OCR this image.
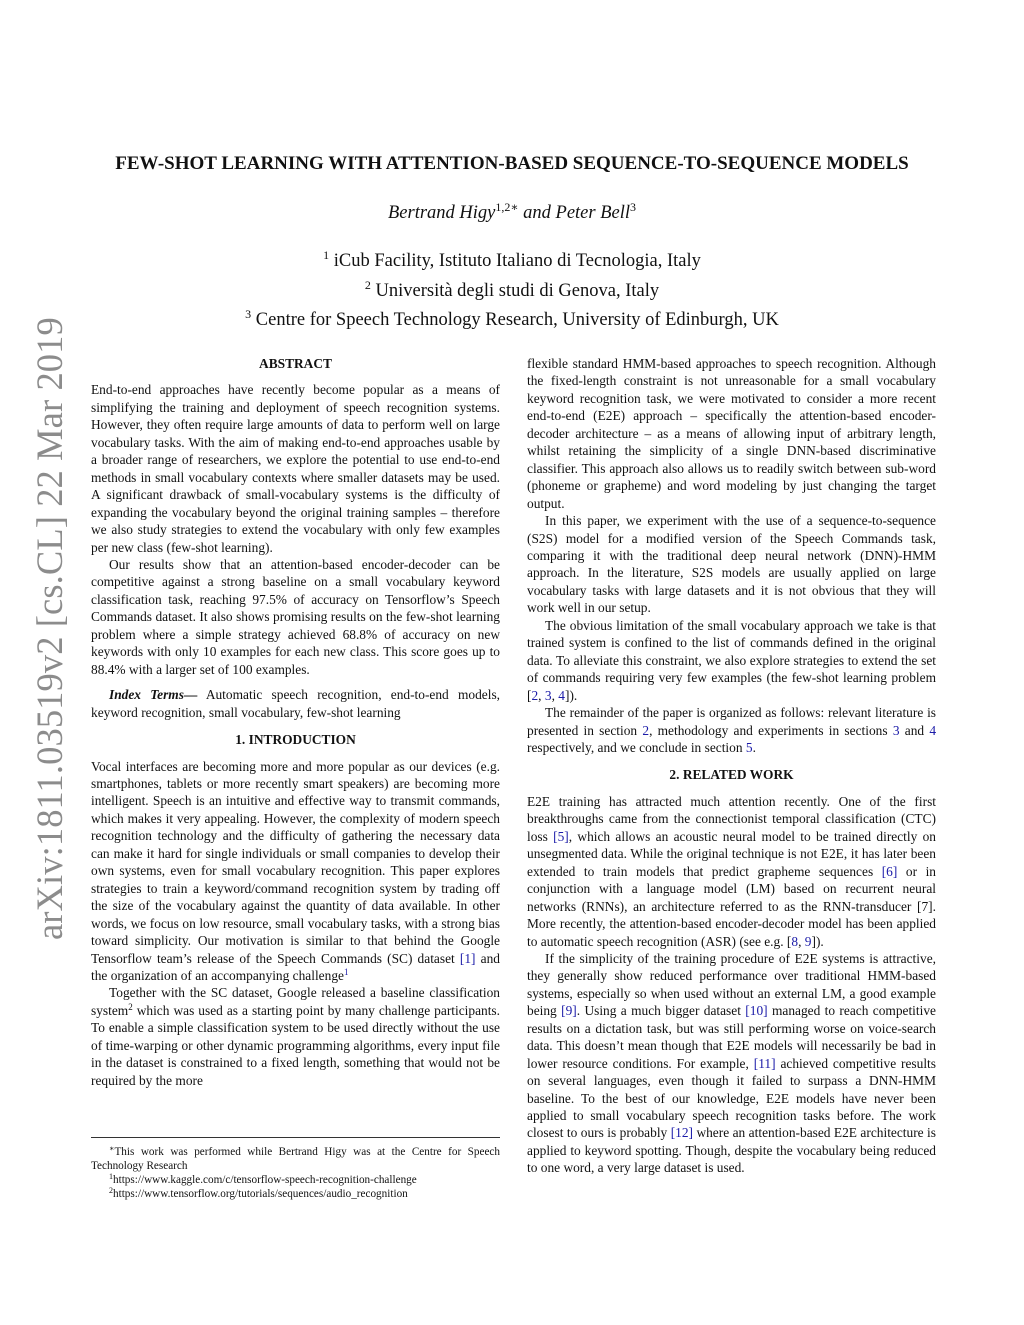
arXiv:1811.03519v2 [cs.CL] 22 Mar 2019
FEW-SHOT LEARNING WITH ATTENTION-BASED SEQUENCE-TO-SEQUENCE MODELS
Bertrand Higy$^{1,2∗}$ and Peter Bell$^3$
$^1$ iCub Facility, Istituto Italiano di Tecnologia, Italy
$^2$ Università degli studi di Genova, Italy
$^3$ Centre for Speech Technology Research, University of Edinburgh, UK
ABSTRACT

End-to-end approaches have recently become popular as a means of simplifying the training and deployment of speech recognition systems. However, they often require large amounts of data to perform well on large vocabulary tasks. With the aim of making end-to-end approaches usable by a broader range of researchers, we explore the potential to use end-to-end methods in small vocabulary contexts where smaller datasets may be used. A significant drawback of small-vocabulary systems is the difficulty of expanding the vocabulary beyond the original training samples – therefore we also study strategies to extend the vocabulary with only few examples per new class (few-shot learning).

Our results show that an attention-based encoder-decoder can be competitive against a strong baseline on a small vocabulary keyword classification task, reaching 97.5% of accuracy on Tensorflow’s Speech Commands dataset. It also shows promising results on the few-shot learning problem where a simple strategy achieved 68.8% of accuracy on new keywords with only 10 examples for each new class. This score goes up to 88.4% with a larger set of 100 examples.

Index Terms— Automatic speech recognition, end-to-end models, keyword recognition, small vocabulary, few-shot learning

1. INTRODUCTION

Vocal interfaces are becoming more and more popular as our devices (e.g. smartphones, tablets or more recently smart speakers) are becoming more intelligent. Speech is an intuitive and effective way to transmit commands, which makes it very appealing. However, the complexity of modern speech recognition technology and the difficulty of gathering the necessary data can make it hard for single individuals or small companies to develop their own systems, even for small vocabulary recognition. This paper explores strategies to train a keyword/command recognition system by trading off the size of the vocabulary against the quantity of data available. In other words, we focus on low resource, small vocabulary tasks, with a strong bias toward simplicity. Our motivation is similar to that behind the Google Tensorflow team’s release of the Speech Commands (SC) dataset [1] and the organization of an accompanying challenge$^1$

Together with the SC dataset, Google released a baseline classification system$^2$ which was used as a starting point by many challenge participants. To enable a simple classification system to be used directly without the use of time-warping or other dynamic programming algorithms, every input file in the dataset is constrained to a fixed length, something that would not be required by the more

∗This work was performed while Bertrand Higy was at the Centre for Speech Technology Research
$^1$https://www.kaggle.com/c/tensorflow-speech-recognition-challenge
$^2$https://www.tensorflow.org/tutorials/sequences/audio_recognition

flexible standard HMM-based approaches to speech recognition. Although the fixed-length constraint is not unreasonable for a small vocabulary keyword recognition task, we were motivated to consider a more recent end-to-end (E2E) approach – specifically the attention-based encoder-decoder architecture – as a means of allowing input of arbitrary length, whilst retaining the simplicity of a single DNN-based discriminative classifier. This approach also allows us to readily switch between sub-word (phoneme or grapheme) and word modeling by just changing the target output.

In this paper, we experiment with the use of a sequence-to-sequence (S2S) model for a modified version of the Speech Commands task, comparing it with the traditional deep neural network (DNN)-HMM approach. In the literature, S2S models are usually applied on large vocabulary tasks with large datasets and it is not obvious that they will work well in our setup.

The obvious limitation of the small vocabulary approach we take is that trained system is confined to the list of commands defined in the original data. To alleviate this constraint, we also explore strategies to extend the set of commands requiring very few examples (the few-shot learning problem [2, 3, 4]).

The remainder of the paper is organized as follows: relevant literature is presented in section 2, methodology and experiments in sections 3 and 4 respectively, and we conclude in section 5.

2. RELATED WORK

E2E training has attracted much attention recently. One of the first breakthroughs came from the connectionist temporal classification (CTC) loss [5], which allows an acoustic neural model to be trained directly on unsegmented data. While the original technique is not E2E, it has later been extended to train models that predict grapheme sequences [6] or in conjunction with a language model (LM) based on recurrent neural networks (RNNs), an architecture referred to as the RNN-transducer [7]. More recently, the attention-based encoder-decoder model has been applied to automatic speech recognition (ASR) (see e.g. [8, 9]).

If the simplicity of the training procedure of E2E systems is attractive, they generally show reduced performance over traditional HMM-based systems, especially so when used without an external LM, a good example being [9]. Using a much bigger dataset [10] managed to reach competitive results on a dictation task, but was still performing worse on voice-search data. This doesn’t mean though that E2E models will necessarily be bad in lower resource conditions. For example, [11] achieved competitive results on several languages, even though it failed to surpass a DNN-HMM baseline. To the best of our knowledge, E2E models have never been applied to small vocabulary speech recognition tasks before. The work closest to ours is probably [12] where an attention-based E2E architecture is applied to keyword spotting. Though, despite the vocabulary being reduced to one word, a very large dataset is used.
